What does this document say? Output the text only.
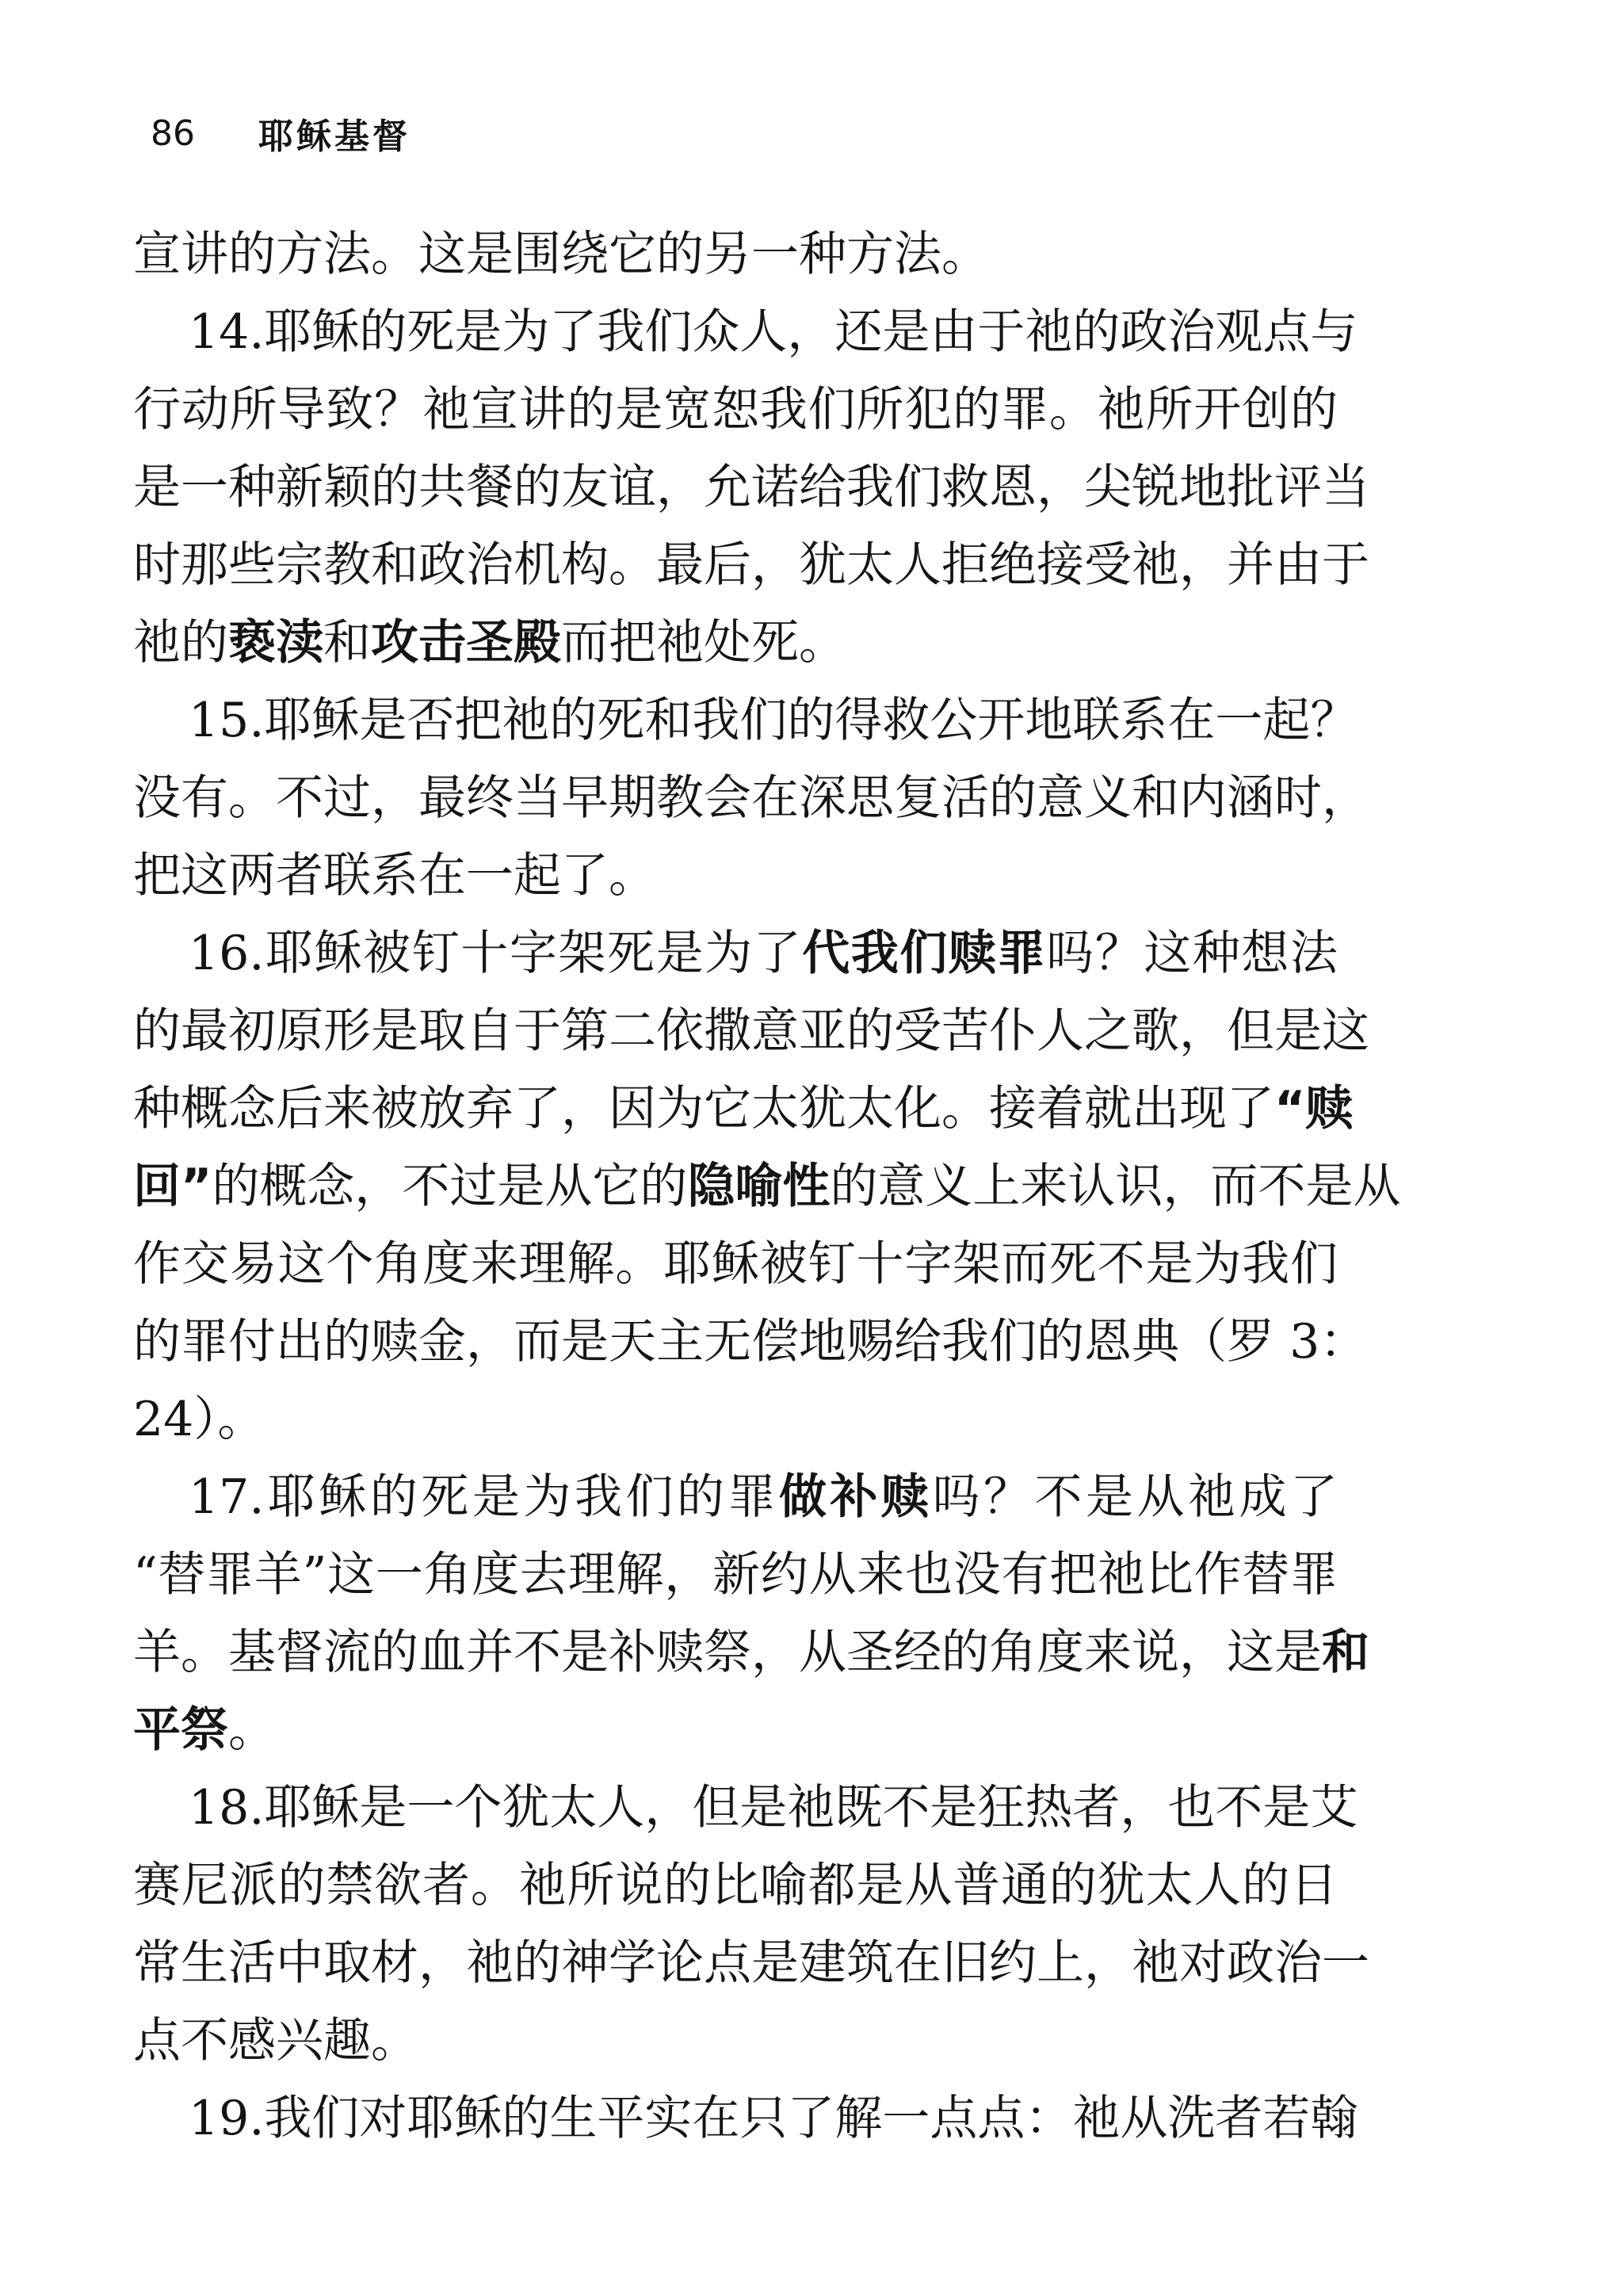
86 耶稣基督
宣讲的方法。这是围绕它的另一种方法。
14.耶稣的死是为了我们众人，还是由于祂的政治观点与
行动所导致？祂宣讲的是宽恕我们所犯的罪。祂所开创的
是一种新颖的共餐的友谊，允诺给我们救恩，尖锐地批评当
时那些宗教和政治机构。最后，犹太人拒绝接受祂，并由于
祂的亵渎和攻击圣殿而把祂处死。
15.耶稣是否把祂的死和我们的得救公开地联系在一起？
没有。不过，最终当早期教会在深思复活的意义和内涵时，
把这两者联系在一起了。
16.耶稣被钉十字架死是为了代我们赎罪吗？这种想法
的最初原形是取自于第二依撒意亚的受苦仆人之歌，但是这
种概念后来被放弃了，因为它太犹太化。接着就出现了“赎
回”的概念，不过是从它的隐喻性的意义上来认识，而不是从
作交易这个角度来理解。耶稣被钉十字架而死不是为我们
的罪付出的赎金，而是天主无偿地赐给我们的恩典（罗 3：
24）。
17.耶稣的死是为我们的罪做补赎吗？不是从祂成了
“替罪羊”这一角度去理解，新约从来也没有把祂比作替罪
羊。基督流的血并不是补赎祭，从圣经的角度来说，这是和
平祭。
18.耶稣是一个犹太人，但是祂既不是狂热者，也不是艾
赛尼派的禁欲者。祂所说的比喻都是从普通的犹太人的日
常生活中取材，祂的神学论点是建筑在旧约上，祂对政治一
点不感兴趣。
19.我们对耶稣的生平实在只了解一点点：祂从洗者若翰
